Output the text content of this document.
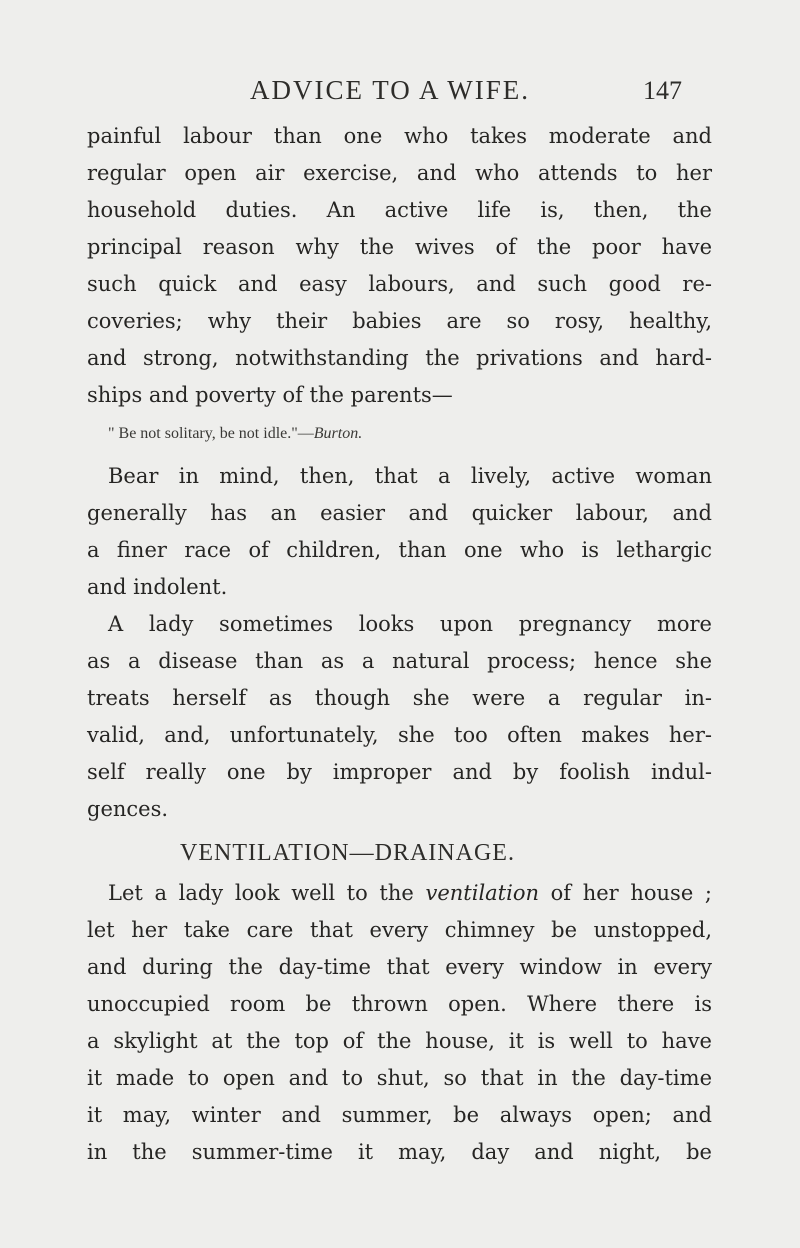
ADVICE TO A WIFE.	147
painful labour than one who takes moderate and
regular open air exercise, and who attends to her
household duties. An active life is, then, the
principal reason why the wives of the poor have
such quick and easy labours, and such good re-
coveries; why their babies are so rosy, healthy,
and strong, notwithstanding the privations and hard-
ships and poverty of the parents—
" Be not solitary, be not idle."—Burton.
Bear in mind, then, that a lively, active woman
generally has an easier and quicker labour, and
a finer race of children, than one who is lethargic
and indolent.
A lady sometimes looks upon pregnancy more
as a disease than as a natural process; hence she
treats herself as though she were a regular in-
valid, and, unfortunately, she too often makes her-
self really one by improper and by foolish indul-
gences.
VENTILATION—DRAINAGE.
Let a lady look well to the ventilation of her house ;
let her take care that every chimney be unstopped,
and during the day-time that every window in every
unoccupied room be thrown open. Where there is
a skylight at the top of the house, it is well to have
it made to open and to shut, so that in the day-time
it may, winter and summer, be always open; and
in the summer-time it may, day and night, be
